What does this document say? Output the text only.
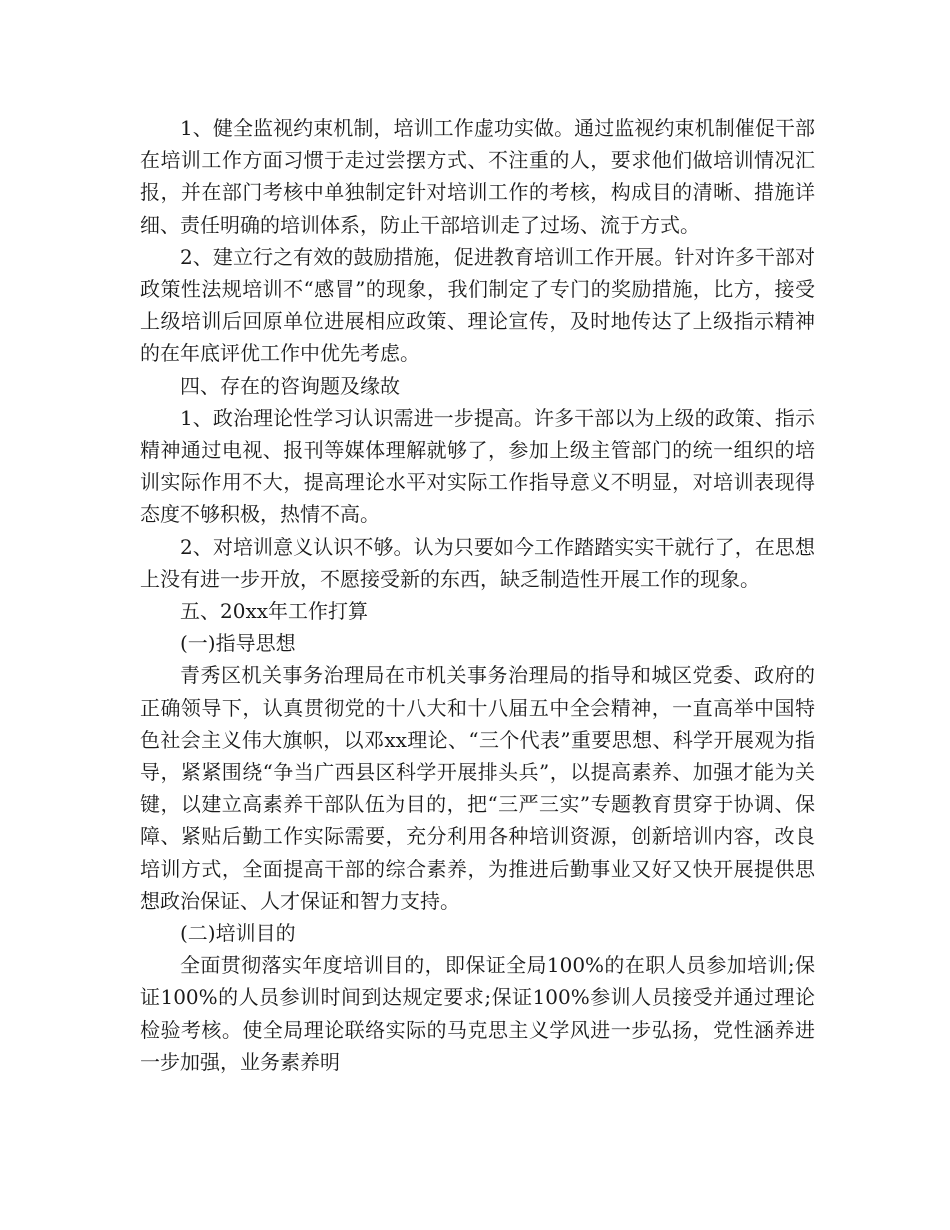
1、健全监视约束机制，培训工作虚功实做。通过监视约束机制催促干部在培训工作方面习惯于走过尝摆方式、不注重的人，要求他们做培训情况汇报，并在部门考核中单独制定针对培训工作的考核，构成目的清晰、措施详细、责任明确的培训体系，防止干部培训走了过场、流于方式。

2、建立行之有效的鼓励措施，促进教育培训工作开展。针对许多干部对政策性法规培训不“感冒”的现象，我们制定了专门的奖励措施，比方，接受上级培训后回原单位进展相应政策、理论宣传，及时地传达了上级指示精神的在年底评优工作中优先考虑。

四、存在的咨询题及缘故

1、政治理论性学习认识需进一步提高。许多干部以为上级的政策、指示精神通过电视、报刊等媒体理解就够了，参加上级主管部门的统一组织的培训实际作用不大，提高理论水平对实际工作指导意义不明显，对培训表现得态度不够积极，热情不高。

2、对培训意义认识不够。认为只要如今工作踏踏实实干就行了，在思想上没有进一步开放，不愿接受新的东西，缺乏制造性开展工作的现象。

五、20xx年工作打算

(一)指导思想

青秀区机关事务治理局在市机关事务治理局的指导和城区党委、政府的正确领导下，认真贯彻党的十八大和十八届五中全会精神，一直高举中国特色社会主义伟大旗帜，以邓xx理论、“三个代表”重要思想、科学开展观为指导，紧紧围绕“争当广西县区科学开展排头兵”，以提高素养、加强才能为关键，以建立高素养干部队伍为目的，把“三严三实”专题教育贯穿于协调、保障、紧贴后勤工作实际需要，充分利用各种培训资源，创新培训内容，改良培训方式，全面提高干部的综合素养，为推进后勤事业又好又快开展提供思想政治保证、人才保证和智力支持。

(二)培训目的

全面贯彻落实年度培训目的，即保证全局100%的在职人员参加培训;保证100%的人员参训时间到达规定要求;保证100%参训人员接受并通过理论检验考核。使全局理论联络实际的马克思主义学风进一步弘扬，党性涵养进一步加强，业务素养明
